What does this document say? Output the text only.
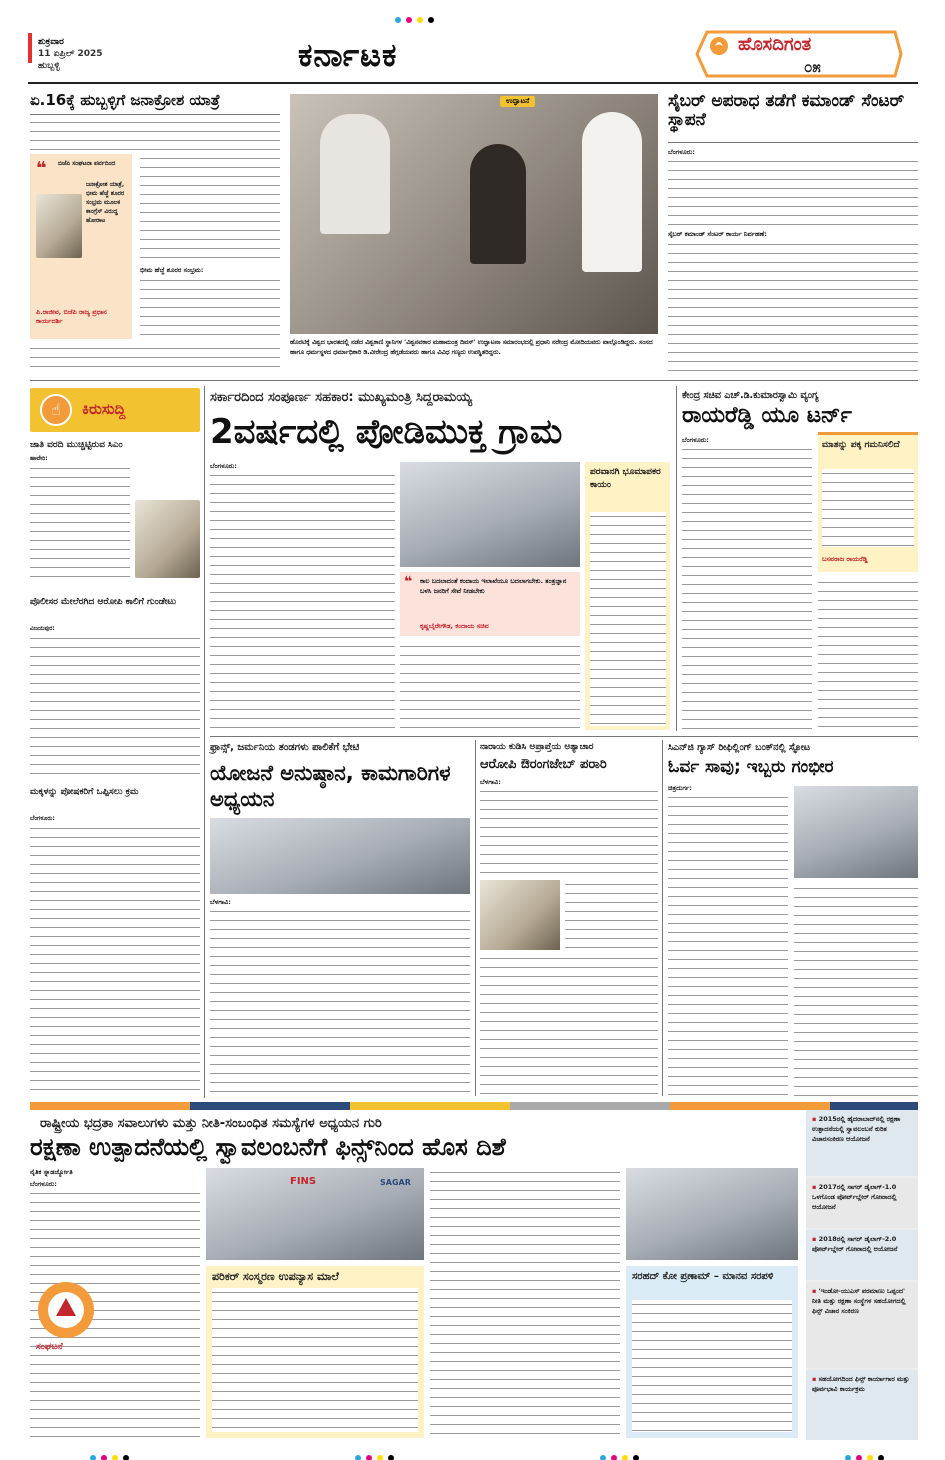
ಶುಕ್ರವಾರ
11 ಏಪ್ರಿಲ್ 2025
ಹುಬ್ಬಳ್ಳಿ	ಕರ್ನಾಟಕ	ಹೊಸದಿಗಂತ
೦೫
ಏ.16ಕ್ಕೆ ಹುಬ್ಬಳ್ಳಿಗೆ ಜನಾಕ್ರೋಶ ಯಾತ್ರೆ
❝ ಬಿಜೆಪಿ ಸಂಘಟನಾ ಪರ್ವದಿಂದ
ಜನಾಕ್ರೋಶ ಯಾತ್ರೆ, ಭೀಮ ಹೆಜ್ಜೆ ಶೂರರ ಸಂಭ್ರಮ ಮೂಲಕ ಕಾಂಗ್ರೆಸ್ ವಿರುದ್ಧ ಹೋರಾಟ
ಪಿ.ರಾಜೀವ, ಬಿಜೆಪಿ ರಾಜ್ಯ ಪ್ರಧಾನ ಕಾರ್ಯದರ್ಶಿ
ಭೀಮ ಹೆಜ್ಜೆ ಶೂರರ ಸಂಭ್ರಮ:
ಉದ್ಘಾಟನೆ
ಹೊರಟಿಕ್ಕೆ ವಿಶ್ವದ ಭಾರತದಲ್ಲಿ ನಡೆದ ವಿಶ್ವಕಾಣಿ ಸ್ಥಾನಿಗಳ 'ವಿಶ್ವನವಕಾರ ಮಹಾಮಂತ್ರ ದಿವಸ್' ಉದ್ಘಾಟನಾ ಸಮಾರಂಭದಲ್ಲಿ ಪ್ರಧಾನಿ ನರೇಂದ್ರ ಮೋದಿಯವರು ಪಾಲ್ಗೊಂಡಿದ್ದರು. ಸಂಸದ ಹಾಗೂ ಧರ್ಮಸ್ಥಳದ ಧರ್ಮಾಧಿಕಾರಿ ಡಿ.ವೀರೇಂದ್ರ ಹೆಗ್ಗಡೆಯವರು ಹಾಗೂ ವಿವಿಧ ಗಣ್ಯರು ಉಪಸ್ಥಿತರಿದ್ದರು.
ಸೈಬರ್ ಅಪರಾಧ ತಡೆಗೆ ಕಮಾಂಡ್ ಸೆಂಟರ್ ಸ್ಥಾಪನೆ
ಬೆಂಗಳೂರು:
ಸೈಬರ್ ಕಮಾಂಡ್ ಸೆಂಟರ್ ಕಾರ್ಯ ನಿರ್ವಹಣೆ:
☝	ಕಿರುಸುದ್ದಿ
ಜಾತಿ ವರದಿ ಮುಚ್ಚಿಟ್ಟಿರುವ ಸಿಎಂ
ಹಾವೇರಿ:
ಪೊಲೀಸರ ಮೇಲೆರಗಿದ ಆರೋಪಿ ಕಾಲಿಗೆ ಗುಂಡೇಟು
ವಿಜಯಪುರ:
ಮಕ್ಕಳನ್ನು ಪೋಷಕರಿಗೆ ಒಪ್ಪಿಸಲು ಕ್ರಮ
ಬೆಂಗಳೂರು:
ಸರ್ಕಾರದಿಂದ ಸಂಪೂರ್ಣ ಸಹಕಾರ: ಮುಖ್ಯಮಂತ್ರಿ ಸಿದ್ದರಾಮಯ್ಯ
2ವರ್ಷದಲ್ಲಿ ಪೋಡಿಮುಕ್ತ ಗ್ರಾಮ
ಬೆಂಗಳೂರು:
❝ ಕಾಲ ಬದಲಾದಂತೆ ಕಂದಾಯ ಇಲಾಖೆಯೂ ಬದಲಾಗಬೇಕು. ತಂತ್ರಜ್ಞಾನ ಬಳಸಿ ಜನರಿಗೆ ಸೇವೆ ನೀಡಬೇಕು
ಕೃಷ್ಣಬೈರೇಗೌಡ, ಕಂದಾಯ ಸಚಿವ
ಪರವಾನಗಿ ಭೂಮಾಪಕರ ಕಾಯಂ
ಕೇಂದ್ರ ಸಚಿವ ಎಚ್.ಡಿ.ಕುಮಾರಸ್ವಾಮಿ ವ್ಯಂಗ್ಯ
ರಾಯರೆಡ್ಡಿ ಯೂ ಟರ್ನ್
ಬೆಂಗಳೂರು:	ಮಾತನ್ನು ಪಕ್ಕ ಗಮನಿಸಲಿದೆ
ಬಸವರಾಜ ರಾಯರೆಡ್ಡಿ
ಫ್ರಾನ್ಸ್, ಜರ್ಮನಿಯ ತಂಡಗಳು ಪಾಲಿಕೆಗೆ ಭೇಟಿ
ಯೋಜನೆ ಅನುಷ್ಠಾನ, ಕಾಮಗಾರಿಗಳ ಅಧ್ಯಯನ
ಬೆಳಗಾವಿ:
ನಾರಾಯ ಕುಡಿಸಿ ಅಪ್ರಾಪ್ತೆಯ ಅತ್ಯಾಚಾರ
ಆರೋಪಿ ಔರಂಗಜೇಬ್ ಪರಾರಿ
ಬೆಳಗಾವಿ:
ಸಿಎನ್‌ಜಿ ಗ್ಯಾಸ್ ರೀಫಿಲ್ಲಿಂಗ್ ಬಂಕ್‌ನಲ್ಲಿ ಸ್ಫೋಟ
ಓರ್ವ ಸಾವು; ಇಬ್ಬರು ಗಂಭೀರ
ಚಿತ್ರದುರ್ಗ:
ರಾಷ್ಟ್ರೀಯ ಭದ್ರತಾ ಸವಾಲುಗಳು ಮತ್ತು ನೀತಿ-ಸಂಬಂಧಿತ ಸಮಸ್ಯೆಗಳ ಅಧ್ಯಯನ ಗುರಿ
ರಕ್ಷಣಾ ಉತ್ಪಾದನೆಯಲ್ಲಿ ಸ್ವಾವಲಂಬನೆಗೆ ಫಿನ್ಸ್‌ನಿಂದ ಹೊಸ ದಿಶೆ
ನೈತಿಕ ಸ್ನಾಡರ್ಜ್ಯೋತಿ
ಬೆಂಗಳೂರು:
ಸಂಘಟನೆ
FINS	SAGAR
ಪರಿಕರ್ ಸಂಸ್ಮರಣ ಉಪನ್ಯಾಸ ಮಾಲೆ	ಸರಹದ್ ಕೋ ಪ್ರಣಾಮ್ – ಮಾನವ ಸರಪಳಿ
▪ 2015ರಲ್ಲಿ ಹೈದರಾಬಾದ್‌ನಲ್ಲಿ ರಕ್ಷಣಾ ಉತ್ಪಾದನೆಯಲ್ಲಿ ಸ್ವಾವಲಂಬನೆ ಕುರಿತ ವಿಚಾರಸಂಕಿರಣ ಆಯೋಜನೆ
▪ 2017ರಲ್ಲಿ ಸಾಗರ್ ಡೈಲಾಗ್-1.0 ಒಳಗೊಂಡ ಪೋರ್ಟ್‌ಬ್ಲೇರ್ ಗೋವಾದಲ್ಲಿ ಆಯೋಜನೆ
▪ 2018ರಲ್ಲಿ ಸಾಗರ್ ಡೈಲಾಗ್-2.0 ಪೋರ್ಟ್‌ಬ್ಲೇರ್ ಗೋವಾದಲ್ಲಿ ಆಯೋಜನೆ
▪ 'ಇಂಡೋ-ಯುಎಸ್ ಪರಮಾಣು ಒಪ್ಪಂದ' ನೀತಿ ಮತ್ತು ರಕ್ಷಣಾ ಸಂಸ್ಥೆಗಳ ಸಹಯೋಗದಲ್ಲಿ ಫಿನ್ಸ್ ವಿಚಾರ ಸಂಕಿರಣ
▪ ಸಹಯೋಗದಿಂದ ಫಿನ್ಸ್ ಕಾರ್ಯಾಗಾರ ಮತ್ತು ಪೂರ್ವಭಾವಿ ಕಾರ್ಯಕ್ರಮ
